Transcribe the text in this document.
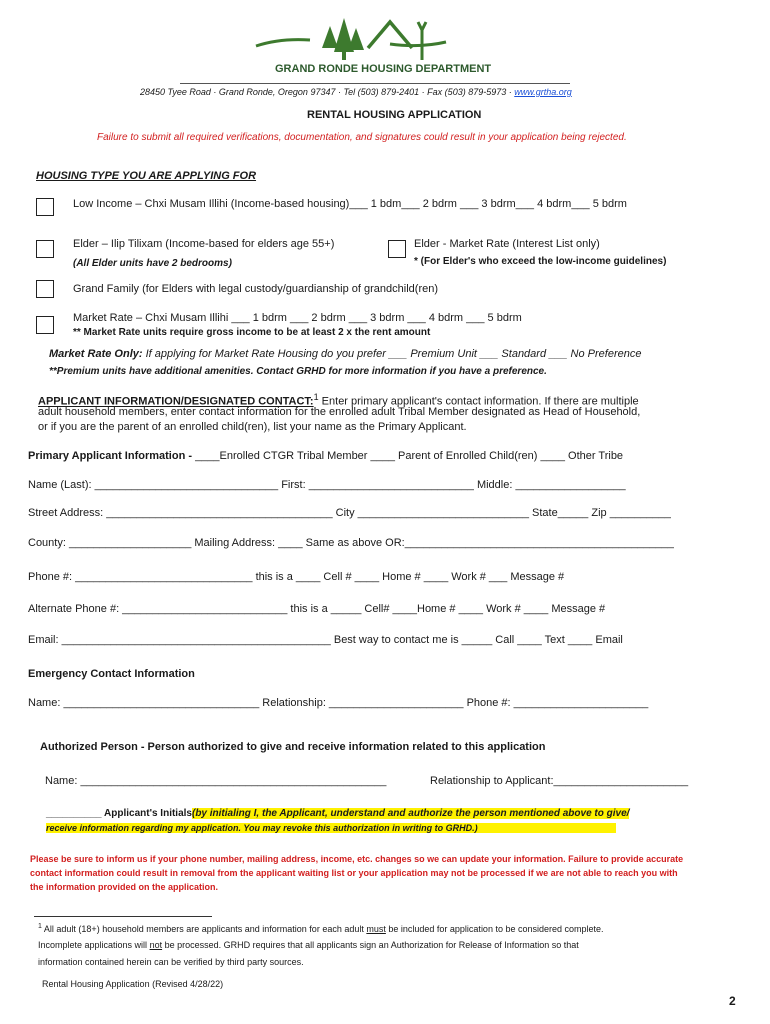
GRAND RONDE HOUSING DEPARTMENT
28450 Tyee Road · Grand Ronde, Oregon 97347 · Tel (503) 879-2401 · Fax (503) 879-5973 · www.grtha.org
RENTAL HOUSING APPLICATION
Failure to submit all required verifications, documentation, and signatures could result in your application being rejected.
HOUSING TYPE YOU ARE APPLYING FOR
Low Income – Chxi Musam Illihi (Income-based housing)___ 1 bdm___ 2 bdrm ___ 3 bdrm___ 4 bdrm___ 5 bdrm
Elder – Ilip Tilixam (Income-based for elders age 55+)
(All Elder units have 2 bedrooms)
Elder - Market Rate (Interest List only)
* (For Elder's who exceed the low-income guidelines)
Grand Family (for Elders with legal custody/guardianship of grandchild(ren)
Market Rate – Chxi Musam Illihi ___ 1 bdrm ___ 2 bdrm ___ 3 bdrm ___ 4 bdrm ___ 5 bdrm
** Market Rate units require gross income to be at least 2 x the rent amount
Market Rate Only: If applying for Market Rate Housing do you prefer ___ Premium Unit ___ Standard ___ No Preference
**Premium units have additional amenities. Contact GRHD for more information if you have a preference.
APPLICANT INFORMATION/DESIGNATED CONTACT:$^1$ Enter primary applicant's contact information. If there are multiple
adult household members, enter contact information for the enrolled adult Tribal Member designated as Head of Household,
or if you are the parent of an enrolled child(ren), list your name as the Primary Applicant.
Primary Applicant Information - ____Enrolled CTGR Tribal Member ____ Parent of Enrolled Child(ren) ____ Other Tribe
Name (Last): ______________________________ First: ___________________________ Middle: __________________
Street Address: _____________________________________ City ____________________________ State_____ Zip __________
County: ____________________ Mailing Address: ____ Same as above OR:____________________________________________
Phone #: _____________________________ this is a ____ Cell # ____ Home # ____ Work # ___ Message #
Alternate Phone #: ___________________________ this is a _____ Cell# ____Home # ____ Work # ____ Message #
Email: ____________________________________________ Best way to contact me is _____ Call ____ Text ____ Email
Emergency Contact Information
Name: ________________________________ Relationship: ______________________ Phone #: ______________________
Authorized Person - Person authorized to give and receive information related to this application
Name: __________________________________________________	Relationship to Applicant:______________________
__________ Applicant's Initials(by initialing I, the Applicant, understand and authorize the person mentioned above to give/
receive information regarding my application. You may revoke this authorization in writing to GRHD.)
Please be sure to inform us if your phone number, mailing address, income, etc. changes so we can update your information. Failure to provide accurate
contact information could result in removal from the applicant waiting list or your application may not be processed if we are not able to reach you with
the information provided on the application.
$^1$ All adult (18+) household members are applicants and information for each adult must be included for application to be considered complete.
Incomplete applications will not be processed. GRHD requires that all applicants sign an Authorization for Release of Information so that
information contained herein can be verified by third party sources.
Rental Housing Application (Revised 4/28/22)
2
